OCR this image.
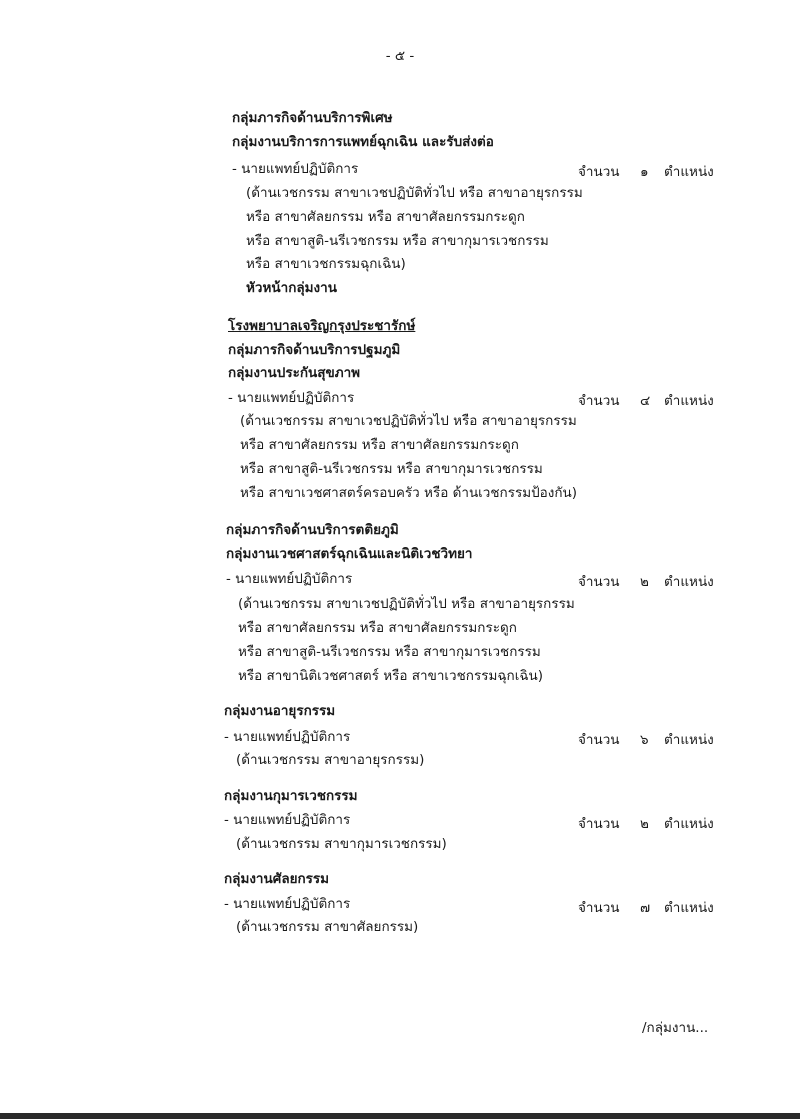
- ๕ -
กลุ่มภารกิจด้านบริการพิเศษ
กลุ่มงานบริการการแพทย์ฉุกเฉิน และรับส่งต่อ
- นายแพทย์ปฏิบัติการ	จำนวน ๑ ตำแหน่ง
(ด้านเวชกรรม สาขาเวชปฏิบัติทั่วไป หรือ สาขาอายุรกรรม
หรือ สาขาศัลยกรรม หรือ สาขาศัลยกรรมกระดูก
หรือ สาขาสูติ-นรีเวชกรรม หรือ สาขากุมารเวชกรรม
หรือ สาขาเวชกรรมฉุกเฉิน)
หัวหน้ากลุ่มงาน
โรงพยาบาลเจริญกรุงประชารักษ์
กลุ่มภารกิจด้านบริการปฐมภูมิ
กลุ่มงานประกันสุขภาพ
- นายแพทย์ปฏิบัติการ	จำนวน ๔ ตำแหน่ง
(ด้านเวชกรรม สาขาเวชปฏิบัติทั่วไป หรือ สาขาอายุรกรรม
หรือ สาขาศัลยกรรม หรือ สาขาศัลยกรรมกระดูก
หรือ สาขาสูติ-นรีเวชกรรม หรือ สาขากุมารเวชกรรม
หรือ สาขาเวชศาสตร์ครอบครัว หรือ ด้านเวชกรรมป้องกัน)
กลุ่มภารกิจด้านบริการตติยภูมิ
กลุ่มงานเวชศาสตร์ฉุกเฉินและนิติเวชวิทยา
- นายแพทย์ปฏิบัติการ	จำนวน ๒ ตำแหน่ง
(ด้านเวชกรรม สาขาเวชปฏิบัติทั่วไป หรือ สาขาอายุรกรรม
หรือ สาขาศัลยกรรม หรือ สาขาศัลยกรรมกระดูก
หรือ สาขาสูติ-นรีเวชกรรม หรือ สาขากุมารเวชกรรม
หรือ สาขานิติเวชศาสตร์ หรือ สาขาเวชกรรมฉุกเฉิน)
กลุ่มงานอายุรกรรม
- นายแพทย์ปฏิบัติการ	จำนวน ๖ ตำแหน่ง
(ด้านเวชกรรม สาขาอายุรกรรม)
กลุ่มงานกุมารเวชกรรม
- นายแพทย์ปฏิบัติการ	จำนวน ๒ ตำแหน่ง
(ด้านเวชกรรม สาขากุมารเวชกรรม)
กลุ่มงานศัลยกรรม
- นายแพทย์ปฏิบัติการ	จำนวน ๗ ตำแหน่ง
(ด้านเวชกรรม สาขาศัลยกรรม)
/กลุ่มงาน...
